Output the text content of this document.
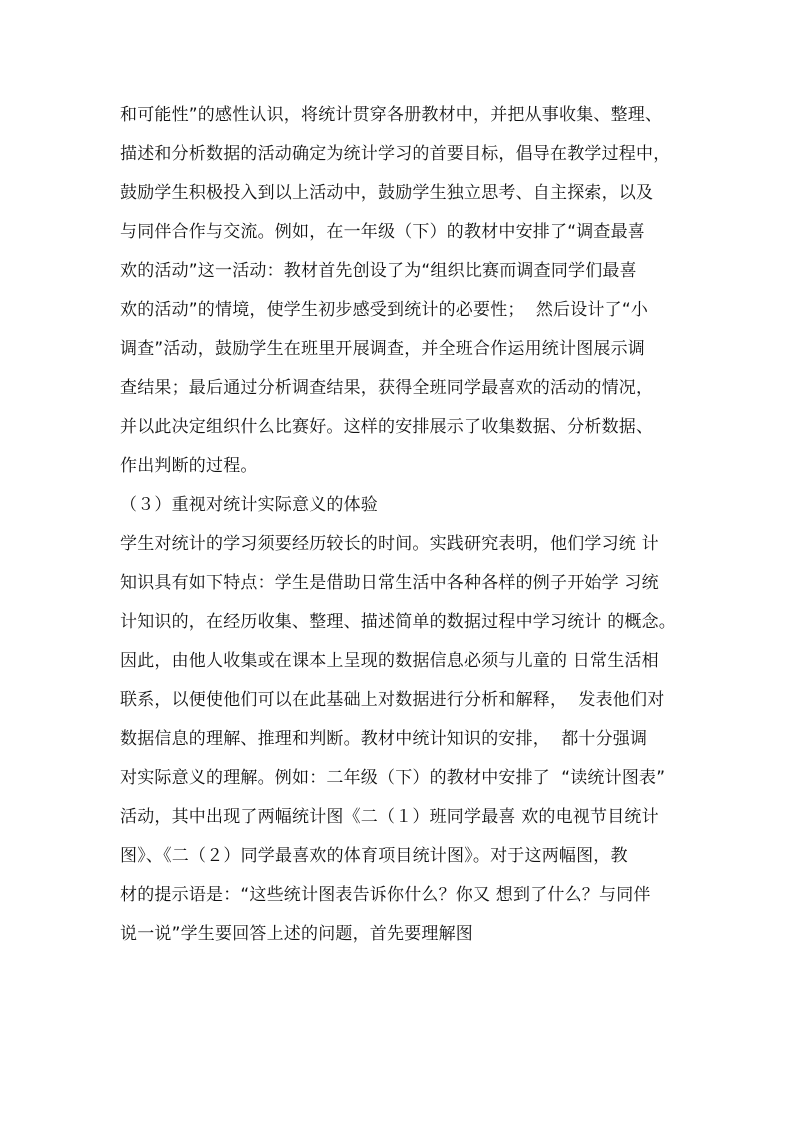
和可能性”的感性认识，将统计贯穿各册教材中，并把从事收集、整理、
描述和分析数据的活动确定为统计学习的首要目标，倡导在教学过程中，
鼓励学生积极投入到以上活动中，鼓励学生独立思考、自主探索，以及
与同伴合作与交流。例如，在一年级（下）的教材中安排了“调查最喜
欢的活动”这一活动：教材首先创设了为“组织比赛而调查同学们最喜
欢的活动”的情境，使学生初步感受到统计的必要性；  然后设计了“小
调查”活动，鼓励学生在班里开展调查，并全班合作运用统计图展示调
查结果；最后通过分析调查结果，获得全班同学最喜欢的活动的情况，
并以此决定组织什么比赛好。这样的安排展示了收集数据、分析数据、
作出判断的过程。
（３）重视对统计实际意义的体验
学生对统计的学习须要经历较长的时间。实践研究表明，他们学习统 计
知识具有如下特点：学生是借助日常生活中各种各样的例子开始学 习统
计知识的，在经历收集、整理、描述简单的数据过程中学习统计 的概念。
因此，由他人收集或在课本上呈现的数据信息必须与儿童的 日常生活相
联系，以便使他们可以在此基础上对数据进行分析和解释，  发表他们对
数据信息的理解、推理和判断。教材中统计知识的安排，  都十分强调
对实际意义的理解。例如：二年级（下）的教材中安排了  “读统计图表”
活动，其中出现了两幅统计图《二（１）班同学最喜 欢的电视节目统计
图》、《二（２）同学最喜欢的体育项目统计图》。对于这两幅图，教
材的提示语是：“这些统计图表告诉你什么？你又 想到了什么？与同伴
说一说”学生要回答上述的问题，首先要理解图
